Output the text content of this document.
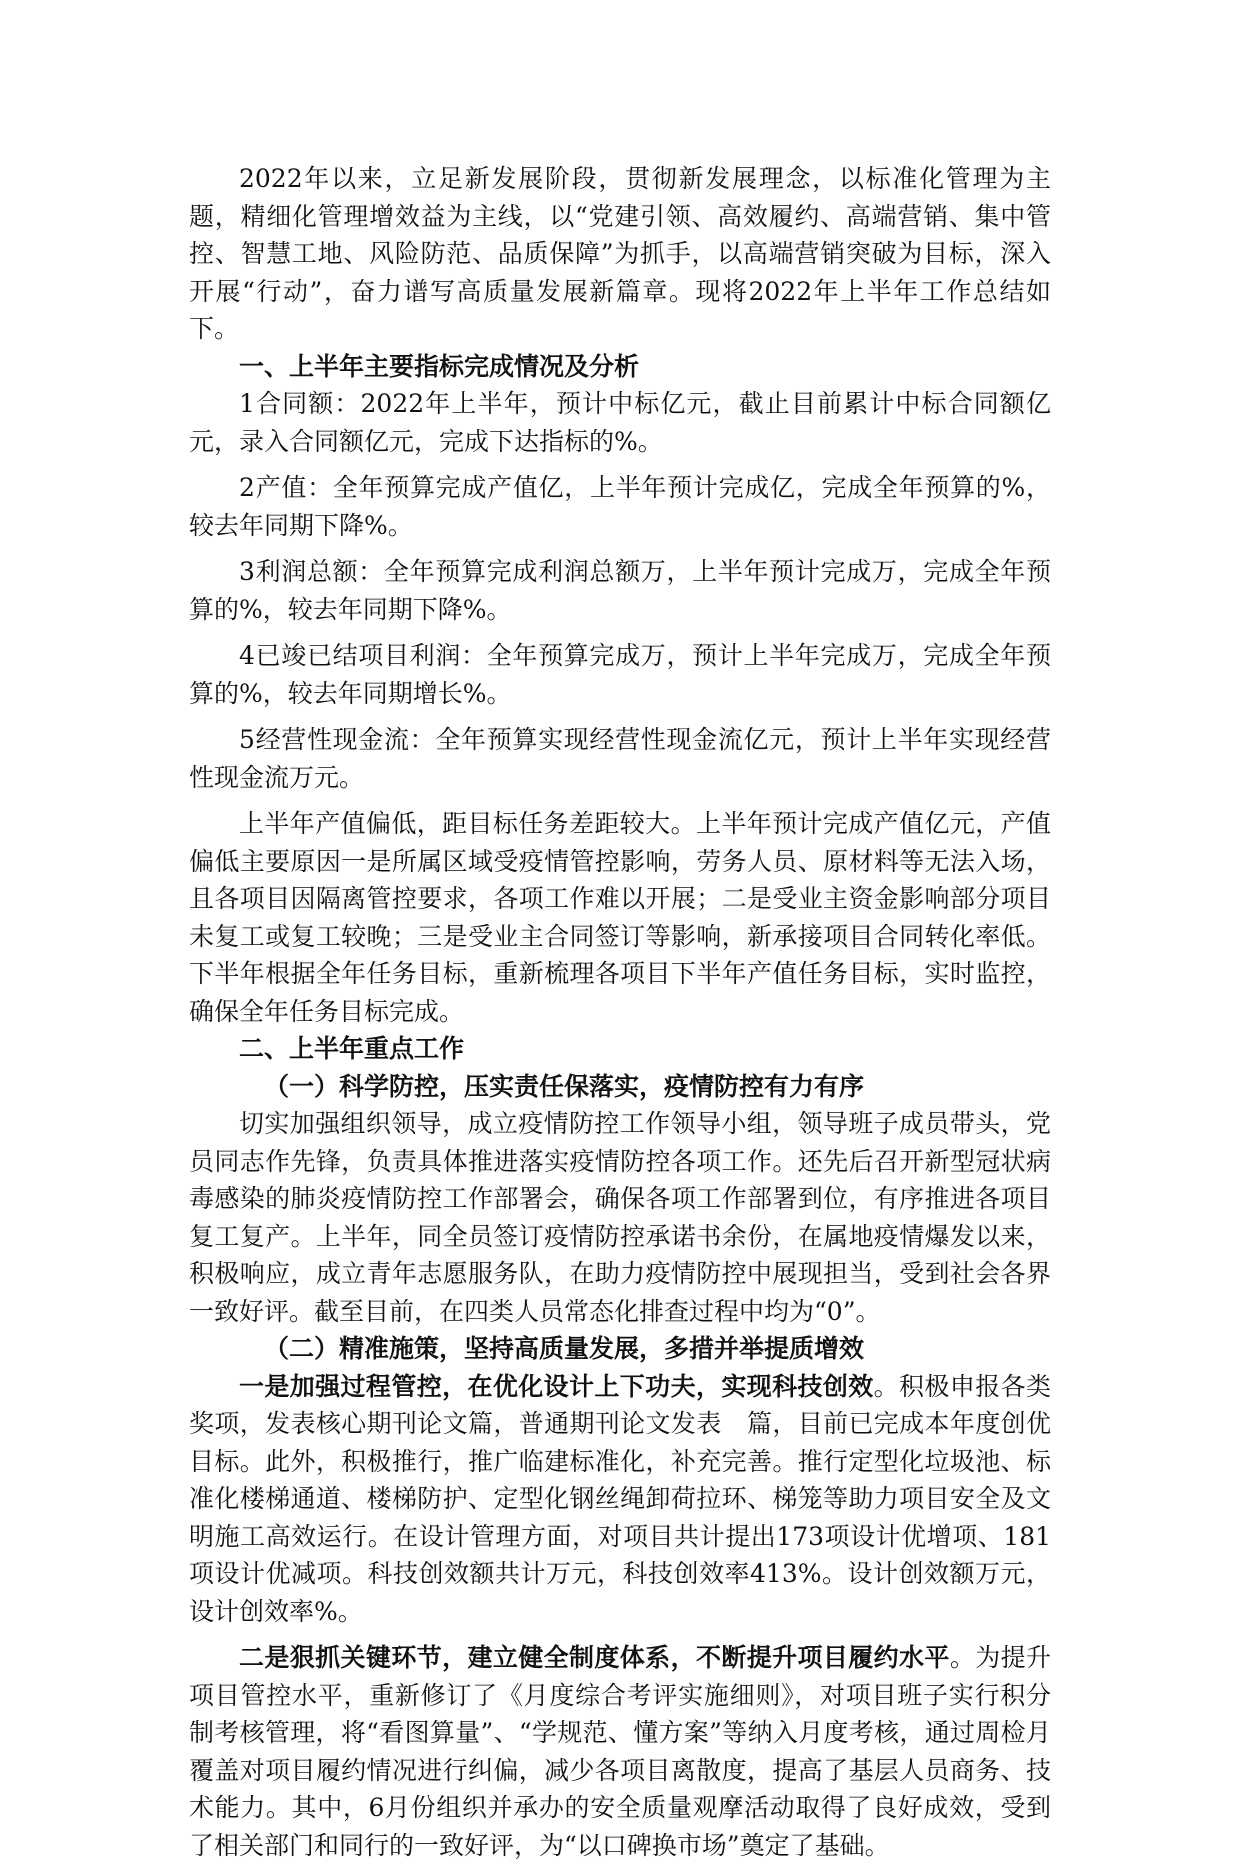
2022年以来，立足新发展阶段，贯彻新发展理念，以标准化管理为主题，精细化管理增效益为主线，以“党建引领、高效履约、高端营销、集中管控、智慧工地、风险防范、品质保障”为抓手，以高端营销突破为目标，深入开展“行动”，奋力谱写高质量发展新篇章。现将2022年上半年工作总结如下。

一、上半年主要指标完成情况及分析

1合同额：2022年上半年，预计中标亿元，截止目前累计中标合同额亿元，录入合同额亿元，完成下达指标的%。

2产值：全年预算完成产值亿，上半年预计完成亿，完成全年预算的%，较去年同期下降%。

3利润总额：全年预算完成利润总额万，上半年预计完成万，完成全年预算的%，较去年同期下降%。

4已竣已结项目利润：全年预算完成万，预计上半年完成万，完成全年预算的%，较去年同期增长%。

5经营性现金流：全年预算实现经营性现金流亿元，预计上半年实现经营性现金流万元。

上半年产值偏低，距目标任务差距较大。上半年预计完成产值亿元，产值偏低主要原因一是所属区域受疫情管控影响，劳务人员、原材料等无法入场，且各项目因隔离管控要求，各项工作难以开展；二是受业主资金影响部分项目未复工或复工较晚；三是受业主合同签订等影响，新承接项目合同转化率低。下半年根据全年任务目标，重新梳理各项目下半年产值任务目标，实时监控，确保全年任务目标完成。

二、上半年重点工作
（一）科学防控，压实责任保落实，疫情防控有力有序

切实加强组织领导，成立疫情防控工作领导小组，领导班子成员带头，党员同志作先锋，负责具体推进落实疫情防控各项工作。还先后召开新型冠状病毒感染的肺炎疫情防控工作部署会，确保各项工作部署到位，有序推进各项目复工复产。上半年，同全员签订疫情防控承诺书余份，在属地疫情爆发以来，积极响应，成立青年志愿服务队，在助力疫情防控中展现担当，受到社会各界一致好评。截至目前，在四类人员常态化排查过程中均为“0”。

（二）精准施策，坚持高质量发展，多措并举提质增效

一是加强过程管控，在优化设计上下功夫，实现科技创效。积极申报各类奖项，发表核心期刊论文篇，普通期刊论文发表　篇，目前已完成本年度创优目标。此外，积极推行，推广临建标准化，补充完善。推行定型化垃圾池、标准化楼梯通道、楼梯防护、定型化钢丝绳卸荷拉环、梯笼等助力项目安全及文明施工高效运行。在设计管理方面，对项目共计提出173项设计优增项、181项设计优减项。科技创效额共计万元，科技创效率413%。设计创效额万元，设计创效率%。

二是狠抓关键环节，建立健全制度体系，不断提升项目履约水平。为提升项目管控水平，重新修订了《月度综合考评实施细则》，对项目班子实行积分制考核管理，将“看图算量”、“学规范、懂方案”等纳入月度考核，通过周检月覆盖对项目履约情况进行纠偏，减少各项目离散度，提高了基层人员商务、技术能力。其中，6月份组织并承办的安全质量观摩活动取得了良好成效，受到了相关部门和同行的一致好评，为“以口碑换市场”奠定了基础。
